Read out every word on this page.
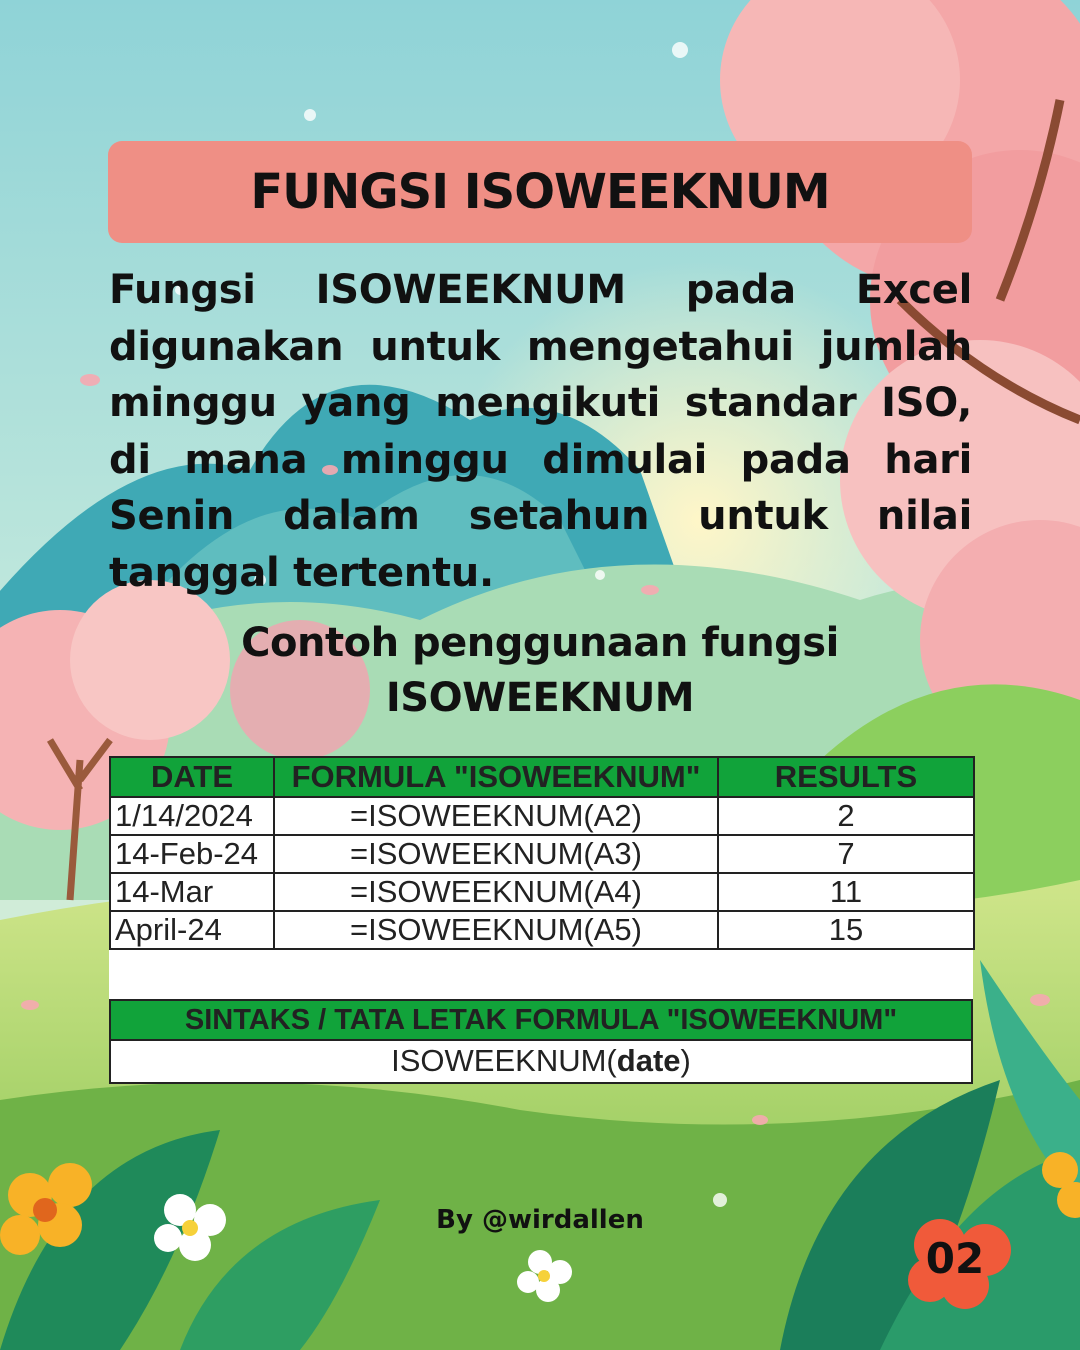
FUNGSI ISOWEEKNUM

Fungsi ISOWEEKNUM pada Excel digunakan untuk mengetahui jumlah minggu yang mengikuti standar ISO, di mana minggu dimulai pada hari Senin dalam setahun untuk nilai tanggal tertentu.

Contoh penggunaan fungsi
ISOWEEKNUM

DATE	FORMULA "ISOWEEKNUM"	RESULTS
1/14/2024	=ISOWEEKNUM(A2)	2
14-Feb-24	=ISOWEEKNUM(A3)	7
14-Mar	=ISOWEEKNUM(A4)	11
April-24	=ISOWEEKNUM(A5)	15
SINTAKS / TATA LETAK FORMULA "ISOWEEKNUM"
ISOWEEKNUM(date)

By @wirdallen

02
